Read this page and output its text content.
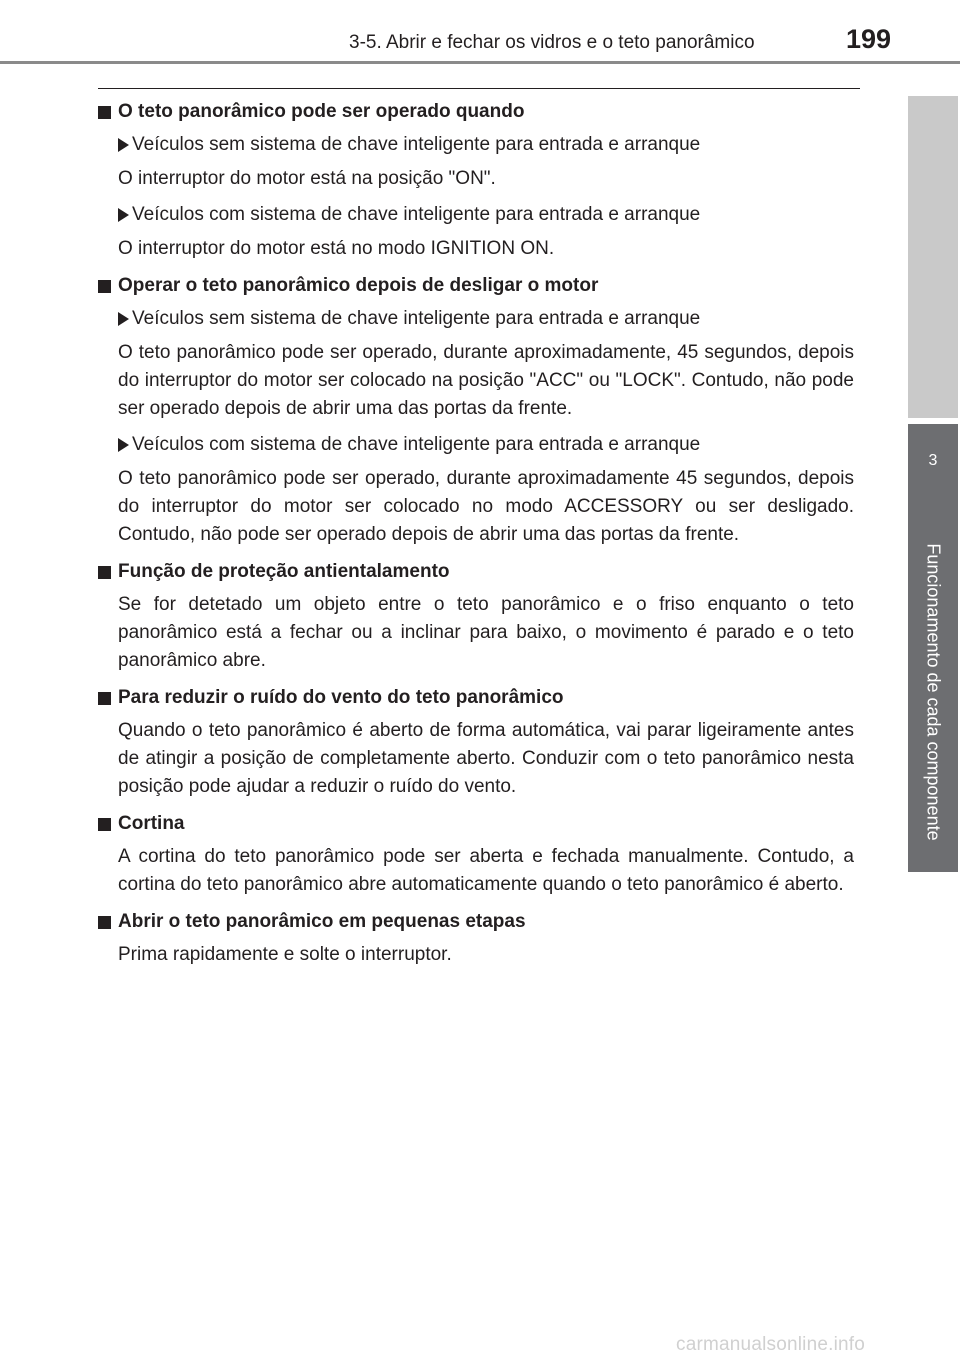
3-5. Abrir e fechar os vidros e o teto panorâmico	199
3
Funcionamento de cada componente
O teto panorâmico pode ser operado quando
Veículos sem sistema de chave inteligente para entrada e arranque
O interruptor do motor está na posição "ON".
Veículos com sistema de chave inteligente para entrada e arranque
O interruptor do motor está no modo IGNITION ON.
Operar o teto panorâmico depois de desligar o motor
Veículos sem sistema de chave inteligente para entrada e arranque
O teto panorâmico pode ser operado, durante aproximadamente, 45 segundos, depois do interruptor do motor ser colocado na posição "ACC" ou "LOCK". Contudo, não pode ser operado depois de abrir uma das portas da frente.
Veículos com sistema de chave inteligente para entrada e arranque
O teto panorâmico pode ser operado, durante aproximadamente 45 segundos, depois do interruptor do motor ser colocado no modo ACCESSORY ou ser desligado. Contudo, não pode ser operado depois de abrir uma das portas da frente.
Função de proteção antientalamento
Se for detetado um objeto entre o teto panorâmico e o friso enquanto o teto panorâmico está a fechar ou a inclinar para baixo, o movimento é parado e o teto panorâmico abre.
Para reduzir o ruído do vento do teto panorâmico
Quando o teto panorâmico é aberto de forma automática, vai parar ligeiramente antes de atingir a posição de completamente aberto. Conduzir com o teto panorâmico nesta posição pode ajudar a reduzir o ruído do vento.
Cortina
A cortina do teto panorâmico pode ser aberta e fechada manualmente. Contudo, a cortina do teto panorâmico abre automaticamente quando o teto panorâmico é aberto.
Abrir o teto panorâmico em pequenas etapas
Prima rapidamente e solte o interruptor.
carmanualsonline.info
